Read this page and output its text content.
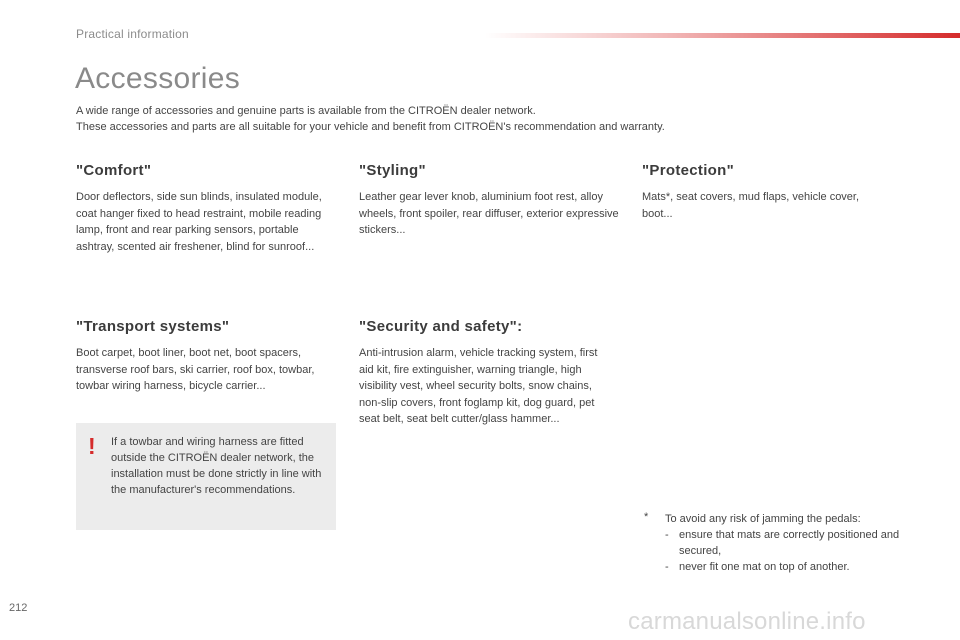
Practical information
Accessories

A wide range of accessories and genuine parts is available from the CITROËN dealer network.

These accessories and parts are all suitable for your vehicle and benefit from CITROËN's recommendation and warranty.

"Comfort"

Door deflectors, side sun blinds, insulated module, coat hanger fixed to head restraint, mobile reading lamp, front and rear parking sensors, portable ashtray, scented air freshener, blind for sunroof...

"Styling"

Leather gear lever knob, aluminium foot rest, alloy wheels, front spoiler, rear diffuser, exterior expressive stickers...

"Protection"

Mats*, seat covers, mud flaps, vehicle cover, boot...

"Transport systems"

Boot carpet, boot liner, boot net, boot spacers, transverse roof bars, ski carrier, roof box, towbar, towbar wiring harness, bicycle carrier...

"Security and safety":

Anti-intrusion alarm, vehicle tracking system, first aid kit, fire extinguisher, warning triangle, high visibility vest, wheel security bolts, snow chains, non-slip covers, front foglamp kit, dog guard, pet seat belt, seat belt cutter/glass hammer...

! If a towbar and wiring harness are fitted outside the CITROËN dealer network, the installation must be done strictly in line with the manufacturer's recommendations.
* To avoid any risk of jamming the pedals:
- ensure that mats are correctly positioned and secured,
- never fit one mat on top of another.
212	carmanualsonline.info
